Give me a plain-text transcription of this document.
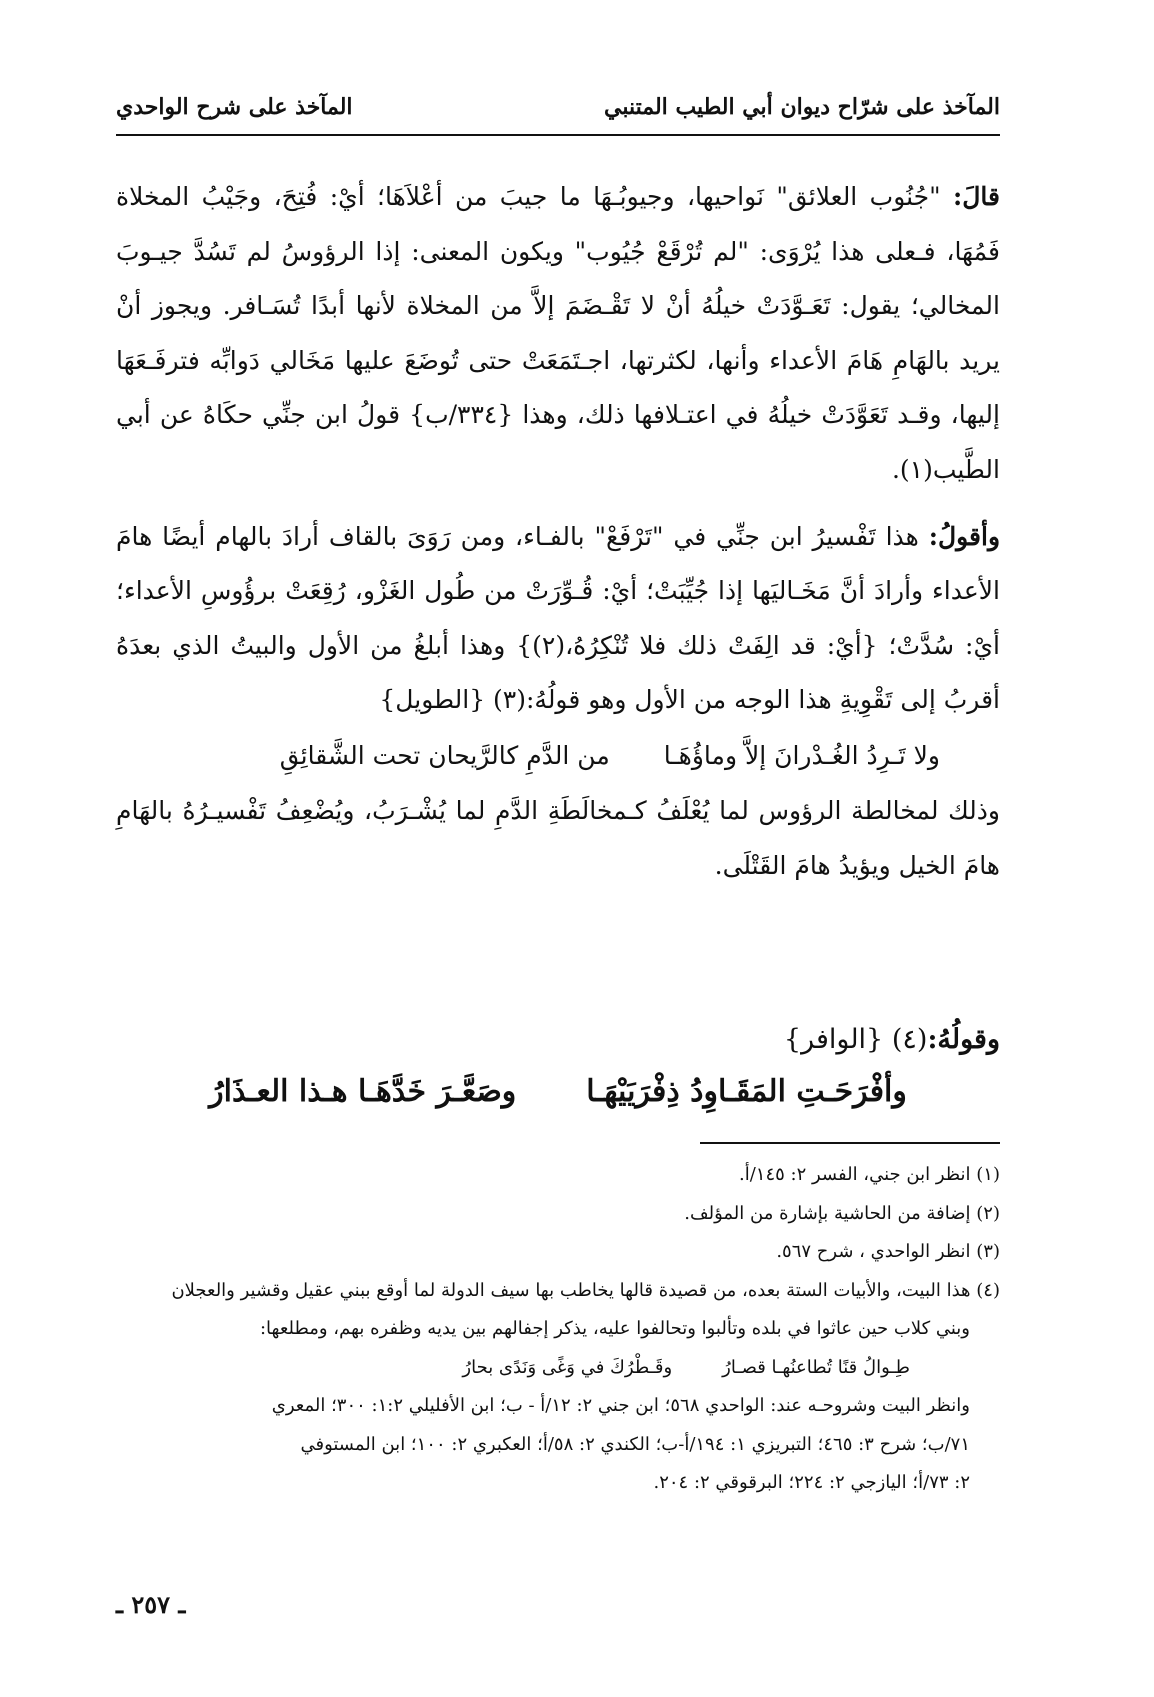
المآخذ على شرّاح ديوان أبي الطيب المتنبي
المآخذ على شرح الواحدي

قالَ: "جُنُوب العلائق" نَواحيها، وجيوبُـهَا ما جيبَ من أعْلاَهَا؛ أيْ: فُتِحَ، وجَيْبُ المخلاة فَمُهَا، فـعلى هذا يُرْوَى: "لم تُرْقَعْ جُيُوب" ويكون المعنى: إذا الرؤوسُ لم تَسُدَّ جيـوبَ المخالي؛ يقول: تَعَـوَّدَتْ خيلُهُ أنْ لا تَقْـضَمَ إلاَّ من المخلاة لأنها أبدًا تُسَـافر. ويجوز أنْ يريد بالهَامِ هَامَ الأعداء وأنها، لكثرتها، اجـتَمَعَتْ حتى تُوضَعَ عليها مَخَالي دَوابِّه فترفَـعَهَا إليها، وقـد تَعَوَّدَتْ خيلُهُ في اعتـلافها ذلك، وهذا {٣٣٤/ب} قولُ ابن جنِّي حكَاهُ عن أبي الطَّيب(١).

وأقولُ: هذا تَفْسيرُ ابن جنِّي في "تَرْفَعْ" بالفـاء، ومن رَوَىَ بالقاف أرادَ بالهام أيضًا هامَ الأعداء وأرادَ أنَّ مَخَـاليَها إذا جُيِّبَتْ؛ أيْ: قُـوِّرَتْ من طُول الغَزْو، رُقِعَتْ برؤُوسِ الأعداء؛ أيْ: سُدَّتْ؛ {أيْ: قد الِفَتْ ذلك فلا تُنْكِرُهُ،(٢)} وهذا أبلغُ من الأول والبيتُ الذي بعدَهُ أقربُ إلى تَقْوِيةِ هذا الوجه من الأول وهو قولُهُ:(٣) {الطويل}

ولا تَـرِدُ الغُـدْرانَ إلاَّ وماؤُهَـا
من الدَّمِ كالرَّيحان تحت الشَّقائِقِ

وذلك لمخالطة الرؤوس لما يُعْلَفُ كـمخالَطَةِ الدَّمِ لما يُشْـرَبُ، ويُضْعِفُ تَفْسيـرُهُ بالهَامِ هامَ الخيل ويؤيدُ هامَ القَتْلَى.

وقولُهُ:(٤) {الوافر}
وأفْرَحَـتِ المَقَـاوِدُ ذِفْرَيَيْهَـا
وصَعَّـرَ خَدَّهَـا هـذا العـذَارُ

(١) انظر ابن جني، الفسر ٢: ١٤٥/أ.

(٢) إضافة من الحاشية بإشارة من المؤلف.

(٣) انظر الواحدي ، شرح ٥٦٧.

(٤) هذا البيت، والأبيات الستة بعده، من قصيدة قالها يخاطب بها سيف الدولة لما أوقع ببني عقيل وقشير والعجلان

وبني كلاب حين عاثوا في بلده وتألبوا وتحالفوا عليه، يذكر إجفالهم بين يديه وظفره بهم، ومطلعها:

طِـوالُ قنًا تُطاعنُهـا قصـارُ
وقَـطْرُكَ في وَغًى وَنَدًى بحارُ

وانظر البيت وشروحـه عند: الواحدي ٥٦٨؛ ابن جني ٢: ١٢/أ - ب؛ ابن الأفليلي ١:٢: ٣٠٠؛ المعري

٧١/ب؛ شرح ٣: ٤٦٥؛ التبريزي ١: ١٩٤/أ-ب؛ الكندي ٢: ٥٨/أ؛ العكبري ٢: ١٠٠؛ ابن المستوفي

٢: ٧٣/أ؛ اليازجي ٢: ٢٢٤؛ البرقوقي ٢: ٢٠٤.

ـ ٢٥٧ ـ
